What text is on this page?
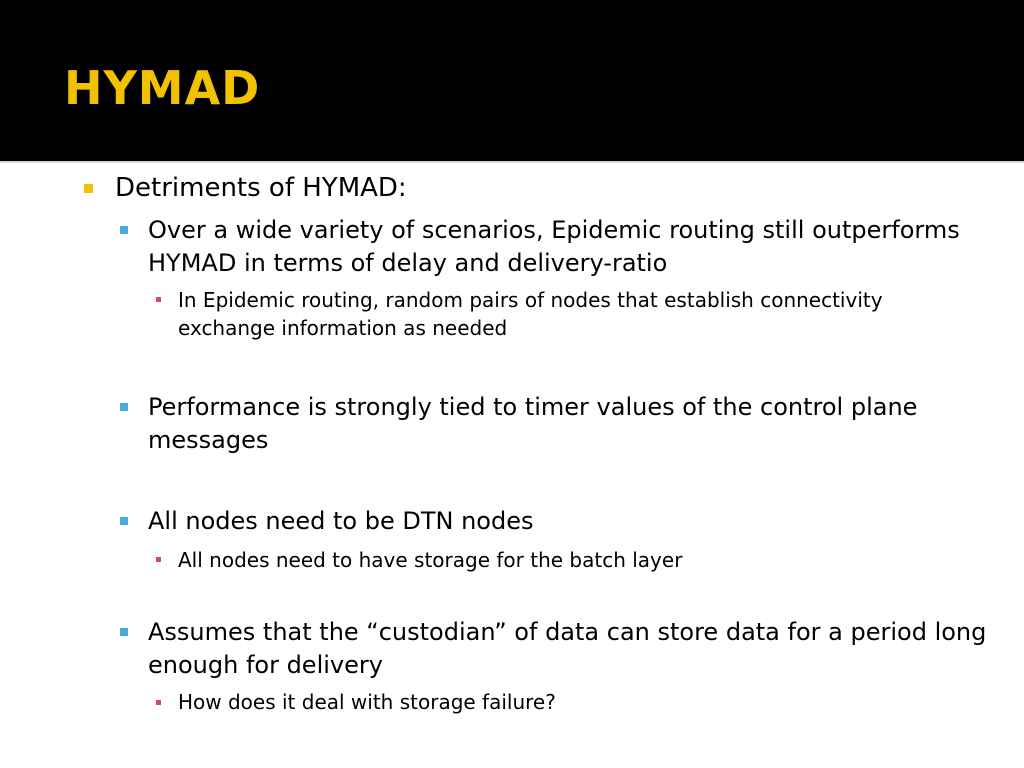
HYMAD

Detriments of HYMAD:

Over a wide variety of scenarios, Epidemic routing still outperforms HYMAD in terms of delay and delivery-ratio

In Epidemic routing, random pairs of nodes that establish connectivity exchange information as needed

Performance is strongly tied to timer values of the control plane messages

All nodes need to be DTN nodes

All nodes need to have storage for the batch layer

Assumes that the “custodian” of data can store data for a period long enough for delivery

How does it deal with storage failure?
